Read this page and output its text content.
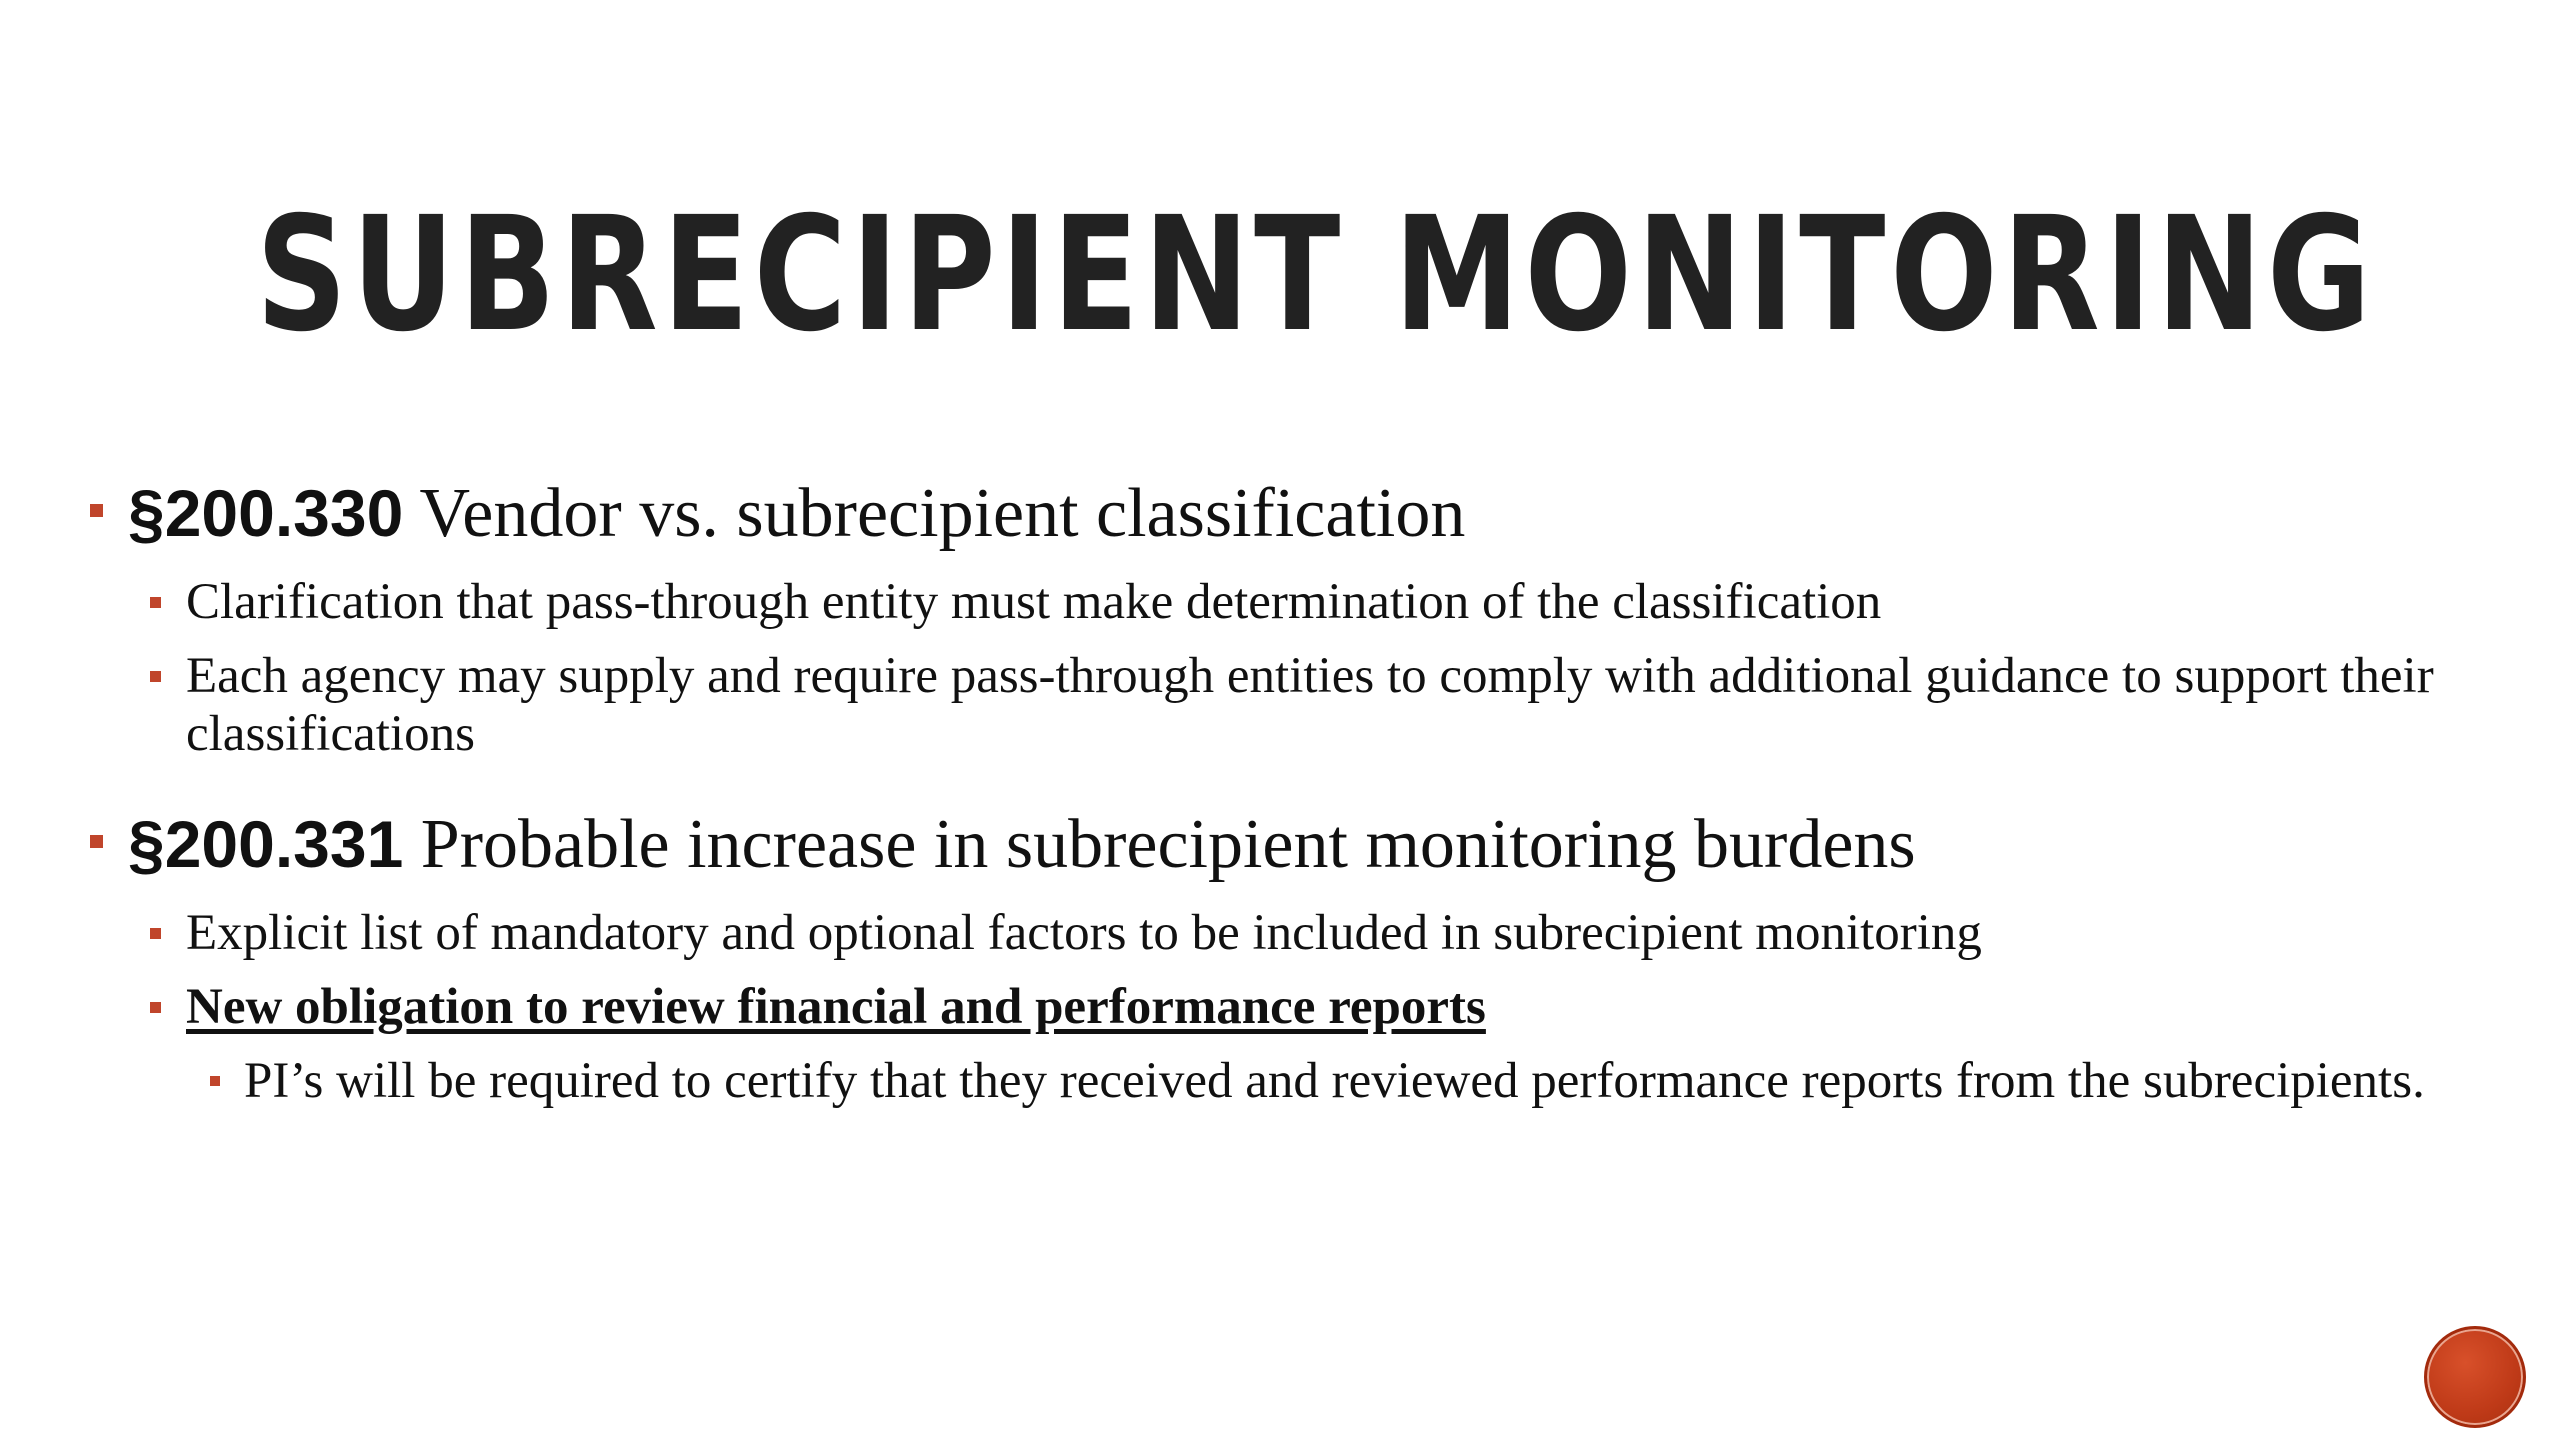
SUBRECIPIENT MONITORING
§200.330 Vendor vs. subrecipient classification
Clarification that pass-through entity must make determination of the classification
Each agency may supply and require pass-through entities to comply with additional guidance to support their classifications
§200.331 Probable increase in subrecipient monitoring burdens
Explicit list of mandatory and optional factors to be included in subrecipient monitoring
New obligation to review financial and performance reports
PI’s will be required to certify that they received and reviewed performance reports from the subrecipients.
